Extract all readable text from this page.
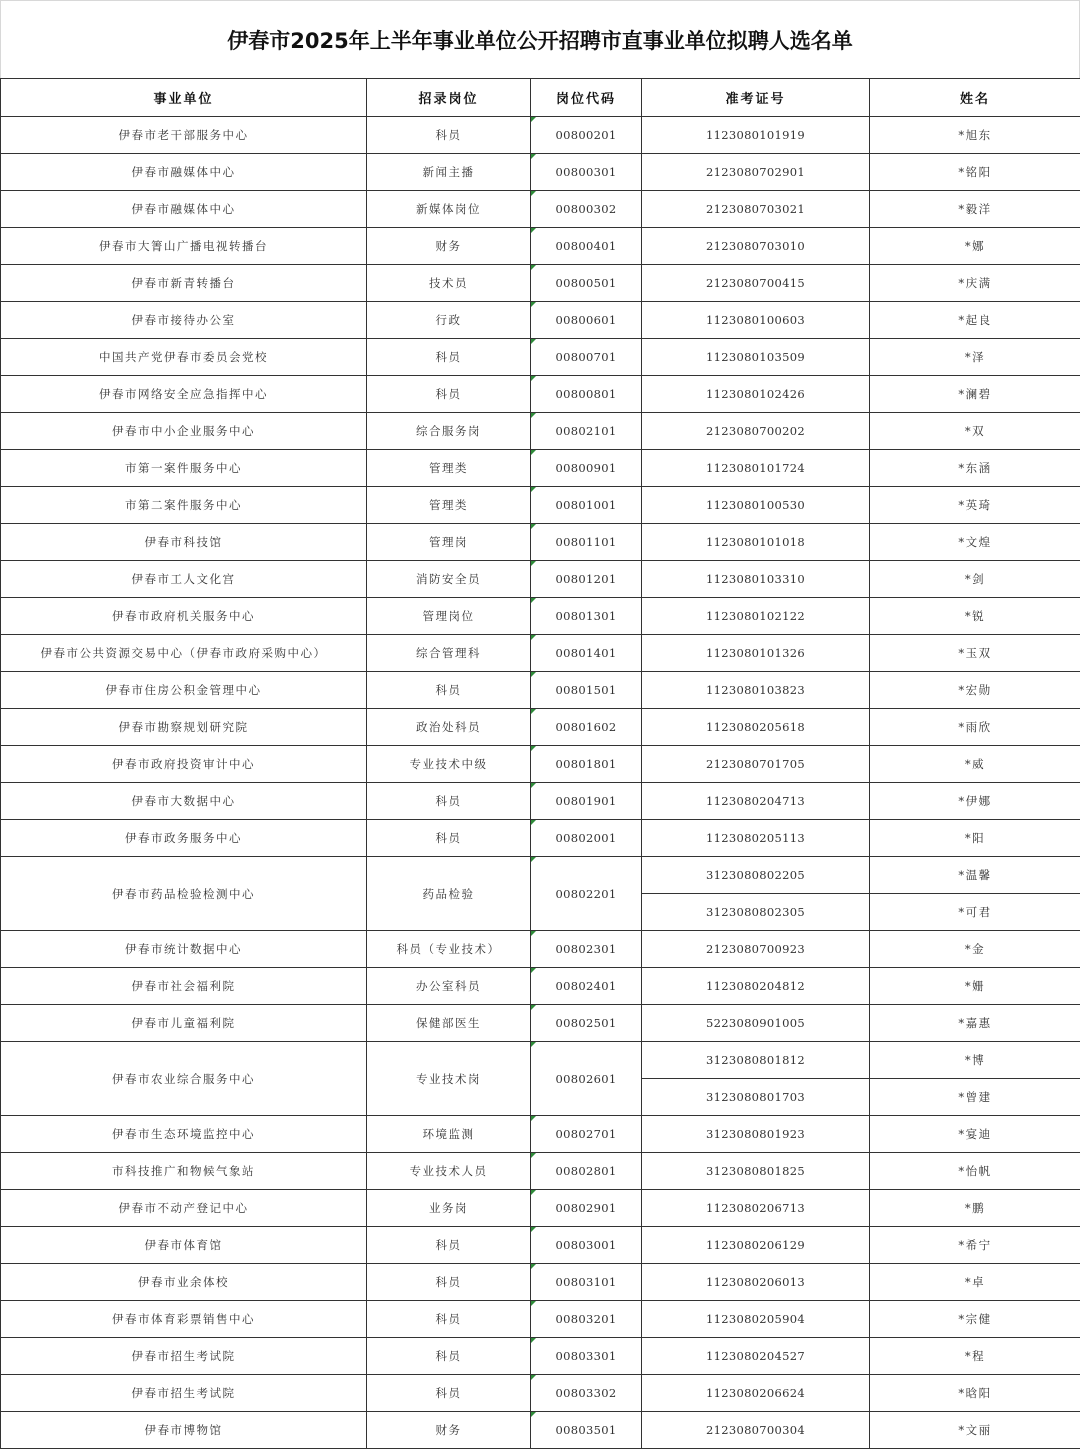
伊春市2025年上半年事业单位公开招聘市直事业单位拟聘人选名单
事业单位	招录岗位	岗位代码	准考证号	姓名
伊春市老干部服务中心	科员	00800201	1123080101919	*旭东
伊春市融媒体中心	新闻主播	00800301	2123080702901	*铭阳
伊春市融媒体中心	新媒体岗位	00800302	2123080703021	*毅洋
伊春市大箐山广播电视转播台	财务	00800401	2123080703010	*娜
伊春市新青转播台	技术员	00800501	2123080700415	*庆满
伊春市接待办公室	行政	00800601	1123080100603	*起良
中国共产党伊春市委员会党校	科员	00800701	1123080103509	*泽
伊春市网络安全应急指挥中心	科员	00800801	1123080102426	*澜碧
伊春市中小企业服务中心	综合服务岗	00802101	2123080700202	*双
市第一案件服务中心	管理类	00800901	1123080101724	*东涵
市第二案件服务中心	管理类	00801001	1123080100530	*英琦
伊春市科技馆	管理岗	00801101	1123080101018	*文煌
伊春市工人文化宫	消防安全员	00801201	1123080103310	*剑
伊春市政府机关服务中心	管理岗位	00801301	1123080102122	*锐
伊春市公共资源交易中心（伊春市政府采购中心）	综合管理科	00801401	1123080101326	*玉双
伊春市住房公积金管理中心	科员	00801501	1123080103823	*宏勋
伊春市勘察规划研究院	政治处科员	00801602	1123080205618	*雨欣
伊春市政府投资审计中心	专业技术中级	00801801	2123080701705	*威
伊春市大数据中心	科员	00801901	1123080204713	*伊娜
伊春市政务服务中心	科员	00802001	1123080205113	*阳
伊春市药品检验检测中心	药品检验	00802201	3123080802205	*温馨
			3123080802305	*可君
伊春市统计数据中心	科员（专业技术）	00802301	2123080700923	*金
伊春市社会福利院	办公室科员	00802401	1123080204812	*姗
伊春市儿童福利院	保健部医生	00802501	5223080901005	*嘉惠
伊春市农业综合服务中心	专业技术岗	00802601	3123080801812	*博
			3123080801703	*曾建
伊春市生态环境监控中心	环境监测	00802701	3123080801923	*宴迪
市科技推广和物候气象站	专业技术人员	00802801	3123080801825	*怡帆
伊春市不动产登记中心	业务岗	00802901	1123080206713	*鹏
伊春市体育馆	科员	00803001	1123080206129	*希宁
伊春市业余体校	科员	00803101	1123080206013	*卓
伊春市体育彩票销售中心	科员	00803201	1123080205904	*宗健
伊春市招生考试院	科员	00803301	1123080204527	*程
伊春市招生考试院	科员	00803302	1123080206624	*晗阳
伊春市博物馆	财务	00803501	2123080700304	*文丽
